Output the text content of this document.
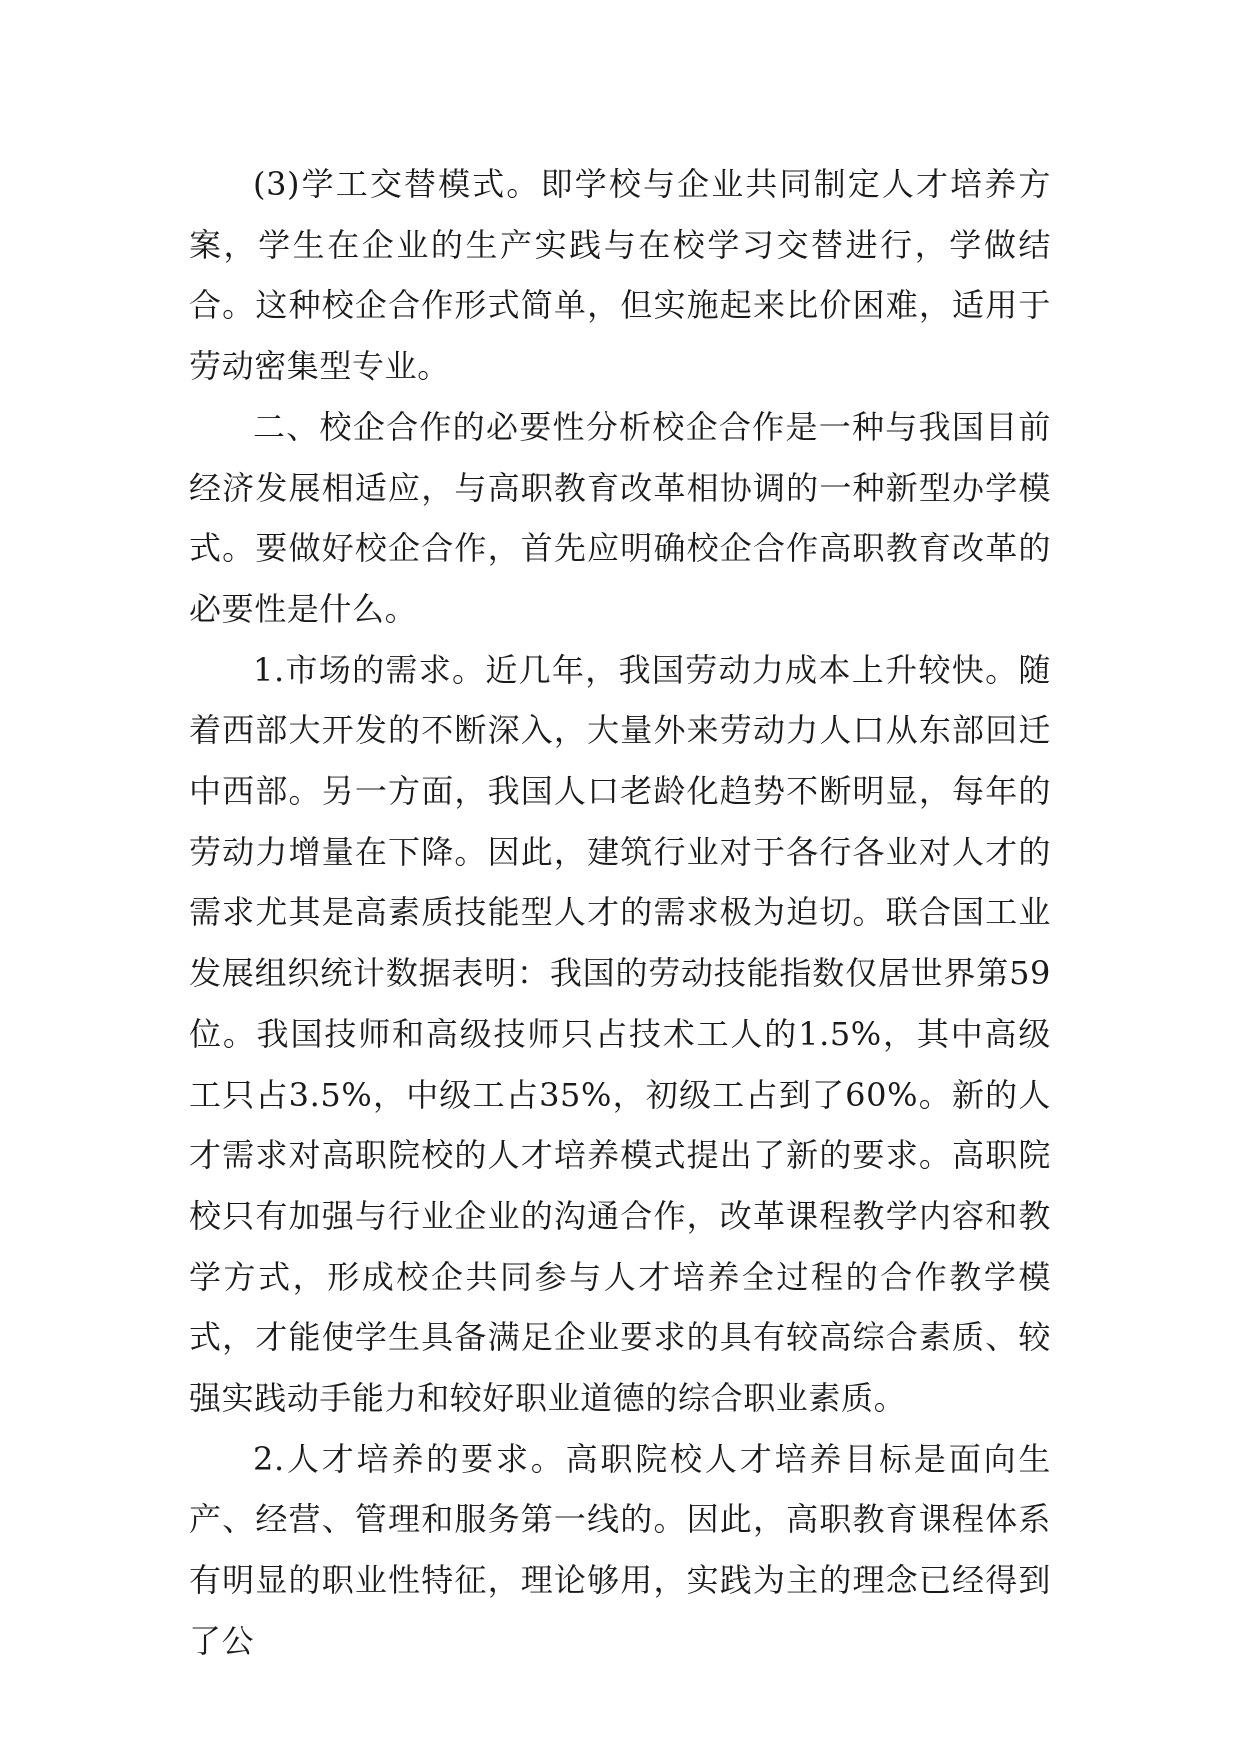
(3)学工交替模式。即学校与企业共同制定人才培养方案，学生在企业的生产实践与在校学习交替进行，学做结合。这种校企合作形式简单，但实施起来比价困难，适用于劳动密集型专业。

二、校企合作的必要性分析校企合作是一种与我国目前经济发展相适应，与高职教育改革相协调的一种新型办学模式。要做好校企合作，首先应明确校企合作高职教育改革的必要性是什么。

1.市场的需求。近几年，我国劳动力成本上升较快。随着西部大开发的不断深入，大量外来劳动力人口从东部回迁中西部。另一方面，我国人口老龄化趋势不断明显，每年的劳动力增量在下降。因此，建筑行业对于各行各业对人才的需求尤其是高素质技能型人才的需求极为迫切。联合国工业发展组织统计数据表明：我国的劳动技能指数仅居世界第59位。我国技师和高级技师只占技术工人的1.5%，其中高级工只占3.5%，中级工占35%，初级工占到了60%。新的人才需求对高职院校的人才培养模式提出了新的要求。高职院校只有加强与行业企业的沟通合作，改革课程教学内容和教学方式，形成校企共同参与人才培养全过程的合作教学模式，才能使学生具备满足企业要求的具有较高综合素质、较强实践动手能力和较好职业道德的综合职业素质。

2.人才培养的要求。高职院校人才培养目标是面向生产、经营、管理和服务第一线的。因此，高职教育课程体系有明显的职业性特征，理论够用，实践为主的理念已经得到了公
